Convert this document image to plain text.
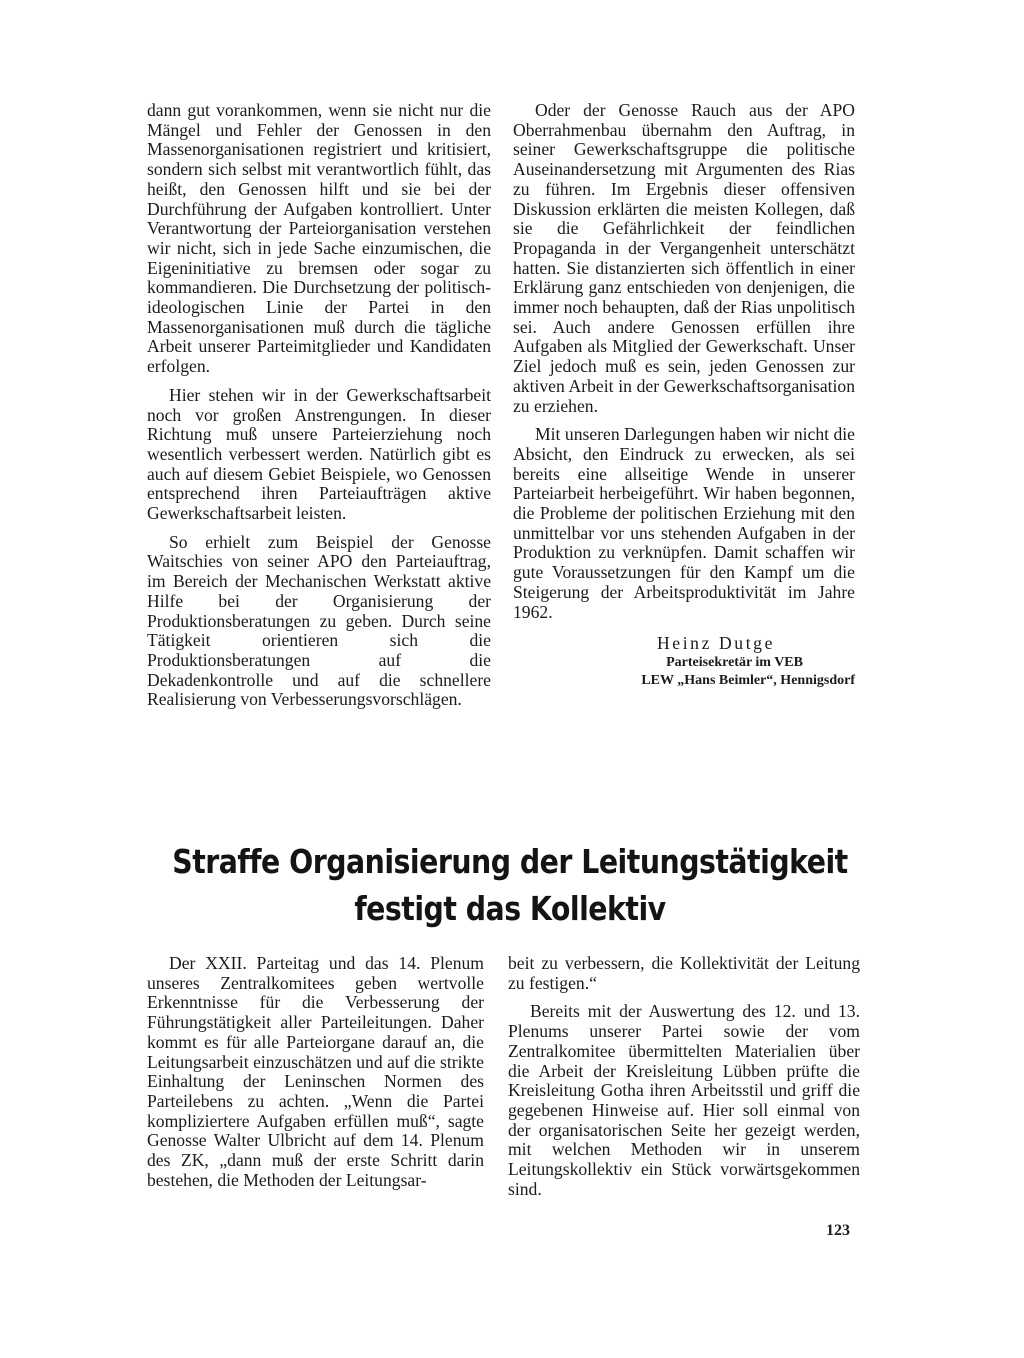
dann gut vorankommen, wenn sie nicht nur die Mängel und Fehler der Genossen in den Massenorganisationen registriert und kritisiert, sondern sich selbst mit verantwortlich fühlt, das heißt, den Genossen hilft und sie bei der Durchführung der Aufgaben kontrolliert. Unter Verantwortung der Parteiorganisation verstehen wir nicht, sich in jede Sache einzumischen, die Eigeninitiative zu bremsen oder sogar zu kommandieren. Die Durchsetzung der politisch-ideologischen Linie der Partei in den Massenorganisationen muß durch die tägliche Arbeit unserer Parteimitglieder und Kandidaten erfolgen.

Hier stehen wir in der Gewerkschaftsarbeit noch vor großen Anstrengungen. In dieser Richtung muß unsere Parteierziehung noch wesentlich verbessert werden. Natürlich gibt es auch auf diesem Gebiet Beispiele, wo Genossen entsprechend ihren Parteiaufträgen aktive Gewerkschaftsarbeit leisten.

So erhielt zum Beispiel der Genosse Waitschies von seiner APO den Parteiauftrag, im Bereich der Mechanischen Werkstatt aktive Hilfe bei der Organisierung der Produktionsberatungen zu geben. Durch seine Tätigkeit orientieren sich die Produktionsberatungen auf die Dekadenkontrolle und auf die schnellere Realisierung von Verbesserungsvorschlägen.

Oder der Genosse Rauch aus der APO Oberrahmenbau übernahm den Auftrag, in seiner Gewerkschaftsgruppe die politische Auseinandersetzung mit Argumenten des Rias zu führen. Im Ergebnis dieser offensiven Diskussion erklärten die meisten Kollegen, daß sie die Gefährlichkeit der feindlichen Propaganda in der Vergangenheit unterschätzt hatten. Sie distanzierten sich öffentlich in einer Erklärung ganz entschieden von denjenigen, die immer noch behaupten, daß der Rias unpolitisch sei. Auch andere Genossen erfüllen ihre Aufgaben als Mitglied der Gewerkschaft. Unser Ziel jedoch muß es sein, jeden Genossen zur aktiven Arbeit in der Gewerkschaftsorganisation zu erziehen.

Mit unseren Darlegungen haben wir nicht die Absicht, den Eindruck zu erwecken, als sei bereits eine allseitige Wende in unserer Parteiarbeit herbeigeführt. Wir haben begonnen, die Probleme der politischen Erziehung mit den unmittelbar vor uns stehenden Aufgaben in der Produktion zu verknüpfen. Damit schaffen wir gute Voraussetzungen für den Kampf um die Steigerung der Arbeitsproduktivität im Jahre 1962.

Heinz Dutge
Parteisekretär im VEB
LEW „Hans Beimler“, Hennigsdorf
Straffe Organisierung der Leitungstätigkeit
festigt das Kollektiv

Der XXII. Parteitag und das 14. Plenum unseres Zentralkomitees geben wertvolle Erkenntnisse für die Verbesserung der Führungstätigkeit aller Parteileitungen. Daher kommt es für alle Parteiorgane darauf an, die Leitungsarbeit einzuschätzen und auf die strikte Einhaltung der Leninschen Normen des Parteilebens zu achten. „Wenn die Partei kompliziertere Aufgaben erfüllen muß“, sagte Genosse Walter Ulbricht auf dem 14. Plenum des ZK, „dann muß der erste Schritt darin bestehen, die Methoden der Leitungsar-

beit zu verbessern, die Kollektivität der Leitung zu festigen.“

Bereits mit der Auswertung des 12. und 13. Plenums unserer Partei sowie der vom Zentralkomitee übermittelten Materialien über die Arbeit der Kreisleitung Lübben prüfte die Kreisleitung Gotha ihren Arbeitsstil und griff die gegebenen Hinweise auf. Hier soll einmal von der organisatorischen Seite her gezeigt werden, mit welchen Methoden wir in unserem Leitungskollektiv ein Stück vorwärtsgekommen sind.

123
